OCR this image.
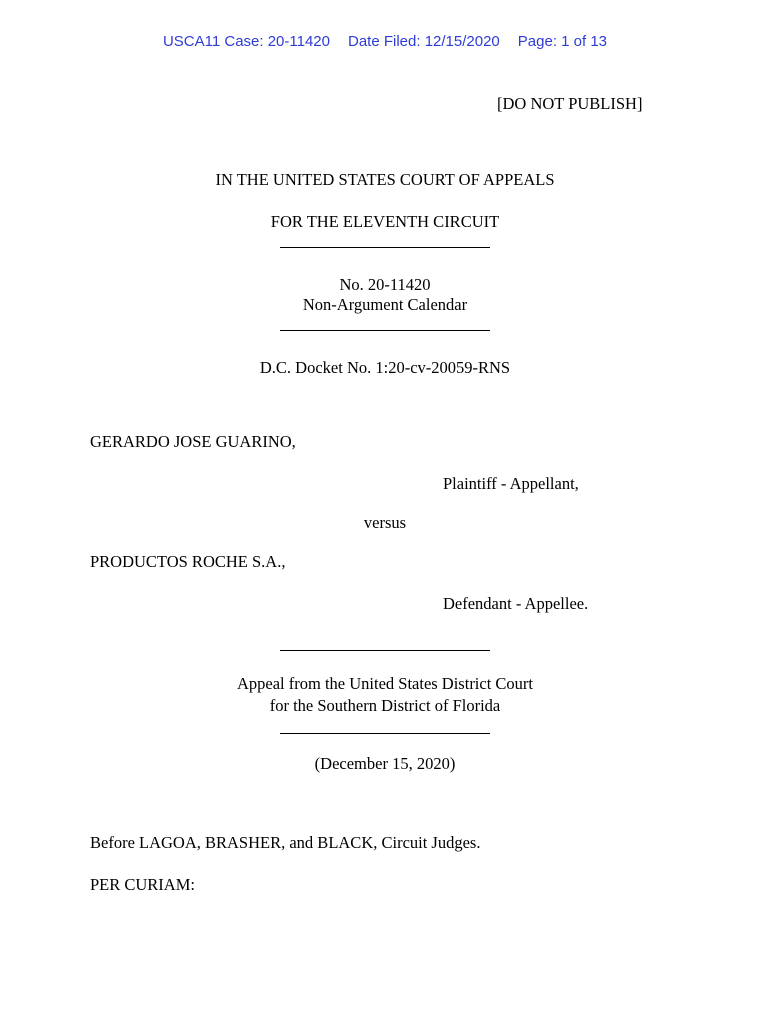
USCA11 Case: 20-11420 Date Filed: 12/15/2020 Page: 1 of 13
[DO NOT PUBLISH]
IN THE UNITED STATES COURT OF APPEALS
FOR THE ELEVENTH CIRCUIT
No. 20-11420
Non-Argument Calendar
D.C. Docket No. 1:20-cv-20059-RNS
GERARDO JOSE GUARINO,
Plaintiff - Appellant,
versus
PRODUCTOS ROCHE S.A.,
Defendant - Appellee.
Appeal from the United States District Court
for the Southern District of Florida
(December 15, 2020)
Before LAGOA, BRASHER, and BLACK, Circuit Judges.
PER CURIAM:
